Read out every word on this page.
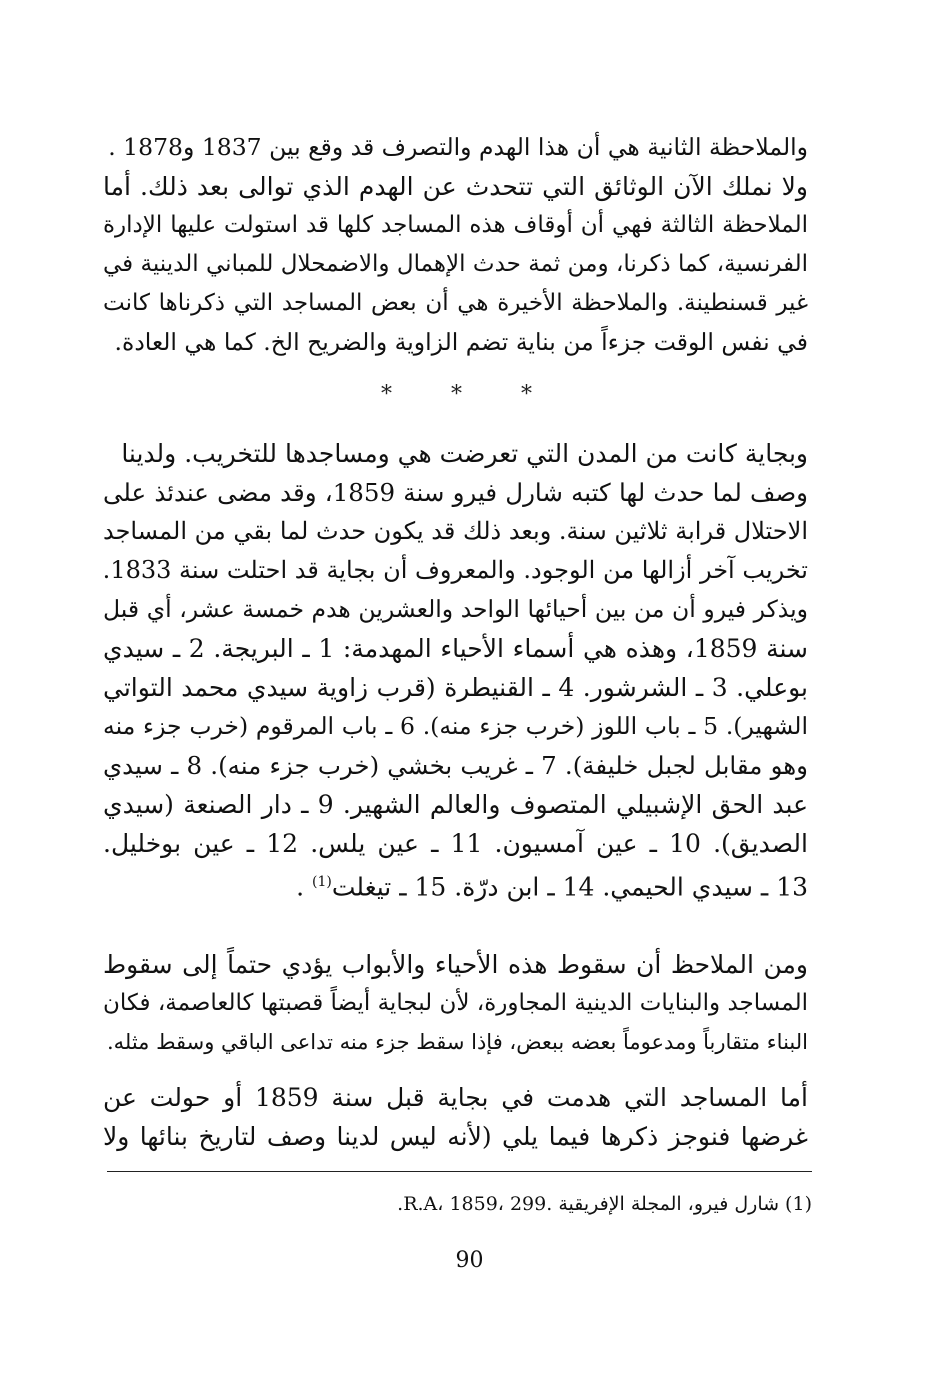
والملاحظة الثانية هي أن هذا الهدم والتصرف قد وقع بين 1837 و1878 .
ولا نملك الآن الوثائق التي تتحدث عن الهدم الذي توالى بعد ذلك. أما
الملاحظة الثالثة فهي أن أوقاف هذه المساجد كلها قد استولت عليها الإدارة
الفرنسية، كما ذكرنا، ومن ثمة حدث الإهمال والاضمحلال للمباني الدينية في
غير قسنطينة. والملاحظة الأخيرة هي أن بعض المساجد التي ذكرناها كانت
في نفس الوقت جزءاً من بناية تضم الزاوية والضريح الخ. كما هي العادة.
* * *
وبجاية كانت من المدن التي تعرضت هي ومساجدها للتخريب. ولدينا
وصف لما حدث لها كتبه شارل فيرو سنة 1859، وقد مضى عندئذ على
الاحتلال قرابة ثلاثين سنة. وبعد ذلك قد يكون حدث لما بقي من المساجد
تخريب آخر أزالها من الوجود. والمعروف أن بجاية قد احتلت سنة 1833.
ويذكر فيرو أن من بين أحيائها الواحد والعشرين هدم خمسة عشر، أي قبل
سنة 1859، وهذه هي أسماء الأحياء المهدمة: 1 ـ البريجة. 2 ـ سيدي
بوعلي. 3 ـ الشرشور. 4 ـ القنيطرة (قرب زاوية سيدي محمد التواتي
الشهير). 5 ـ باب اللوز (خرب جزء منه). 6 ـ باب المرقوم (خرب جزء منه
وهو مقابل لجبل خليفة). 7 ـ غريب بخشي (خرب جزء منه). 8 ـ سيدي
عبد الحق الإشبيلي المتصوف والعالم الشهير. 9 ـ دار الصنعة (سيدي
الصديق). 10 ـ عين آمسيون. 11 ـ عين يلس. 12 ـ عين بوخليل.
13 ـ سيدي الحيمي. 14 ـ ابن درّة. 15 ـ تيغلت$^{(1)}$ .
ومن الملاحظ أن سقوط هذه الأحياء والأبواب يؤدي حتماً إلى سقوط
المساجد والبنايات الدينية المجاورة، لأن لبجاية أيضاً قصبتها كالعاصمة، فكان
البناء متقارباً ومدعوماً بعضه ببعض، فإذا سقط جزء منه تداعى الباقي وسقط مثله.
أما المساجد التي هدمت في بجاية قبل سنة 1859 أو حولت عن
غرضها فنوجز ذكرها فيما يلي (لأنه ليس لدينا وصف لتاريخ بنائها ولا
(1) شارل فيرو، المجلة الإفريقية .R.A، 1859، 299.
90
